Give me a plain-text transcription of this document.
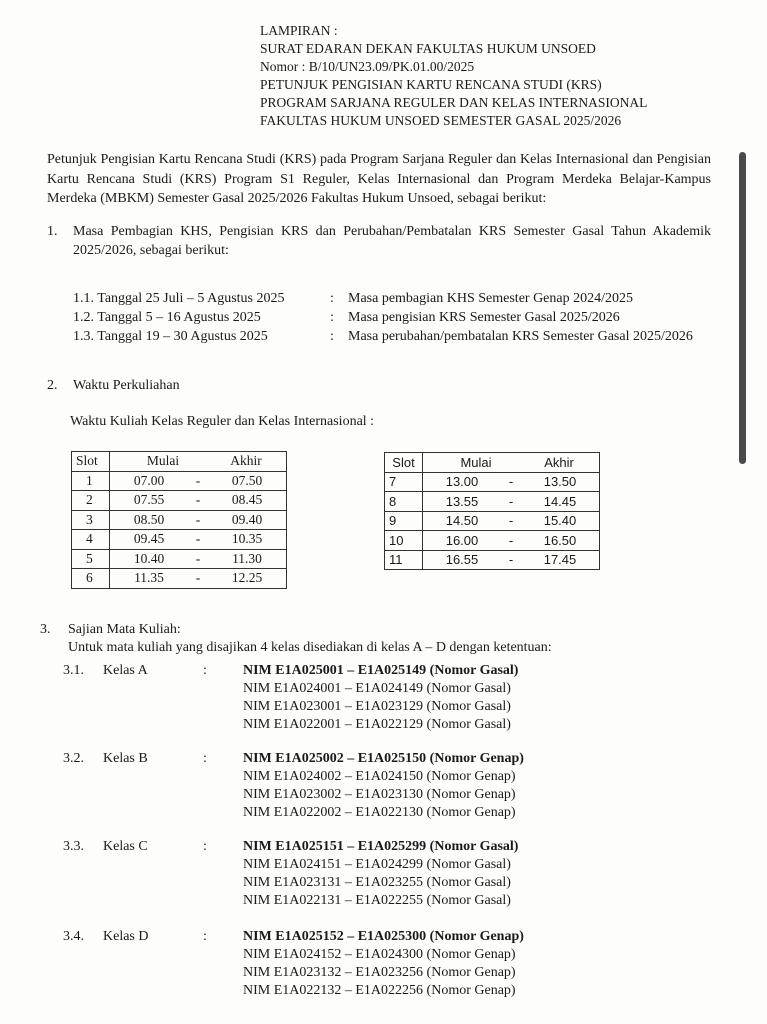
LAMPIRAN :
SURAT EDARAN DEKAN FAKULTAS HUKUM UNSOED
Nomor : B/10/UN23.09/PK.01.00/2025
PETUNJUK PENGISIAN KARTU RENCANA STUDI (KRS)
PROGRAM SARJANA REGULER DAN KELAS INTERNASIONAL
FAKULTAS HUKUM UNSOED SEMESTER GASAL 2025/2026
Petunjuk Pengisian Kartu Rencana Studi (KRS) pada Program Sarjana Reguler dan Kelas Internasional dan Pengisian Kartu Rencana Studi (KRS) Program S1 Reguler, Kelas Internasional dan Program Merdeka Belajar-Kampus Merdeka (MBKM) Semester Gasal 2025/2026 Fakultas Hukum Unsoed, sebagai berikut:
1. Masa Pembagian KHS, Pengisian KRS dan Perubahan/Pembatalan KRS Semester Gasal Tahun Akademik 2025/2026, sebagai berikut:
1.1. Tanggal 25 Juli – 5 Agustus 2025	: Masa pembagian KHS Semester Genap 2024/2025
1.2. Tanggal 5 – 16 Agustus 2025	: Masa pengisian KRS Semester Gasal 2025/2026
1.3. Tanggal 19 – 30 Agustus 2025	: Masa perubahan/pembatalan KRS Semester Gasal 2025/2026
2. Waktu Perkuliahan
Waktu Kuliah Kelas Reguler dan Kelas Internasional :
Slot	Mulai Akhir		
1	07.00	-	07.50
2	07.55	-	08.45
3	08.50	-	09.40
4	09.45	-	10.35
5	10.40	-	11.30
6	11.35	-	12.25
Slot	Mulai Akhir		
7	13.00	-	13.50
8	13.55	-	14.45
9	14.50	-	15.40
10	16.00	-	16.50
11	16.55	-	17.45
3. Sajian Mata Kuliah:
Untuk mata kuliah yang disajikan 4 kelas disediakan di kelas A – D dengan ketentuan:
3.1. Kelas A	:	NIM E1A025001 – E1A025149 (Nomor Gasal)
NIM E1A024001 – E1A024149 (Nomor Gasal)
NIM E1A023001 – E1A023129 (Nomor Gasal)
NIM E1A022001 – E1A022129 (Nomor Gasal)
3.2. Kelas B	:	NIM E1A025002 – E1A025150 (Nomor Genap)
NIM E1A024002 – E1A024150 (Nomor Genap)
NIM E1A023002 – E1A023130 (Nomor Genap)
NIM E1A022002 – E1A022130 (Nomor Genap)
3.3. Kelas C	:	NIM E1A025151 – E1A025299 (Nomor Gasal)
NIM E1A024151 – E1A024299 (Nomor Gasal)
NIM E1A023131 – E1A023255 (Nomor Gasal)
NIM E1A022131 – E1A022255 (Nomor Gasal)
3.4. Kelas D	:	NIM E1A025152 – E1A025300 (Nomor Genap)
NIM E1A024152 – E1A024300 (Nomor Genap)
NIM E1A023132 – E1A023256 (Nomor Genap)
NIM E1A022132 – E1A022256 (Nomor Genap)
